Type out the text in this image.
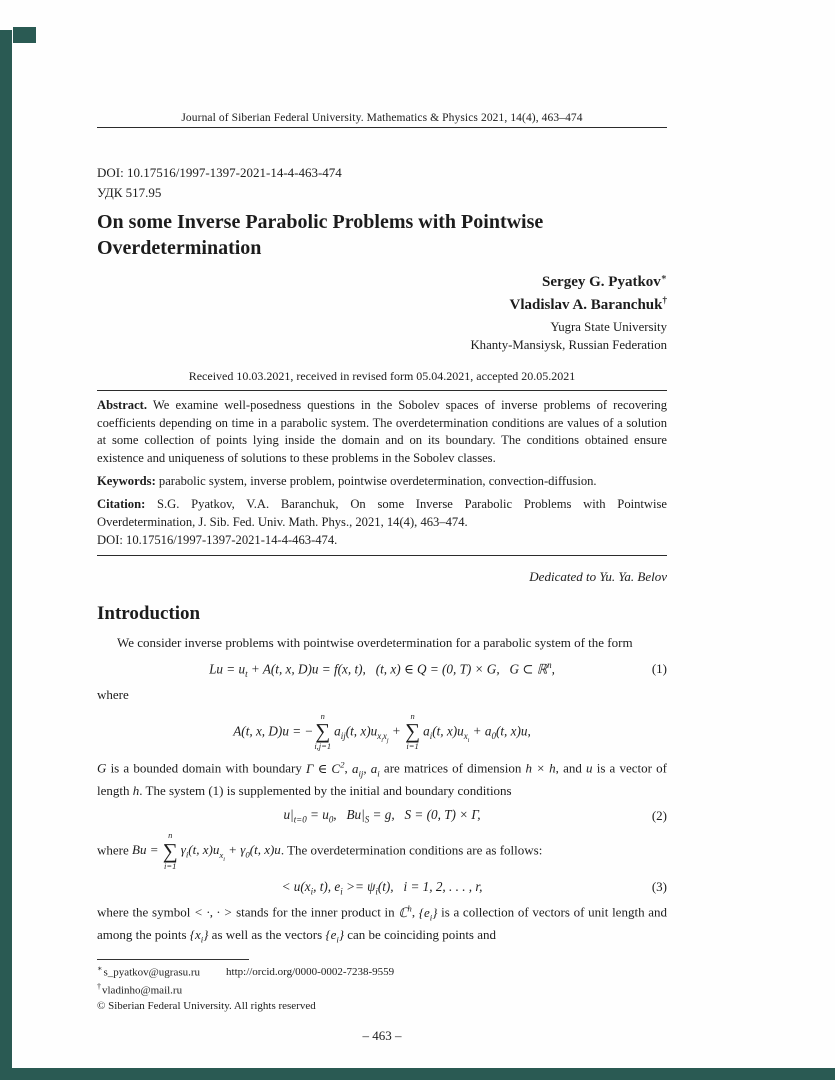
Journal of Siberian Federal University. Mathematics & Physics 2021, 14(4), 463–474
DOI: 10.17516/1997-1397-2021-14-4-463-474
УДК 517.95
On some Inverse Parabolic Problems with Pointwise Overdetermination
Sergey G. Pyatkov∗
Vladislav A. Baranchuk†
Yugra State University
Khanty-Mansiysk, Russian Federation
Received 10.03.2021, received in revised form 05.04.2021, accepted 20.05.2021

Abstract. We examine well-posedness questions in the Sobolev spaces of inverse problems of recovering coefficients depending on time in a parabolic system. The overdetermination conditions are values of a solution at some collection of points lying inside the domain and on its boundary. The conditions obtained ensure existence and uniqueness of solutions to these problems in the Sobolev classes.

Keywords: parabolic system, inverse problem, pointwise overdetermination, convection-diffusion.

Citation: S.G. Pyatkov, V.A. Baranchuk, On some Inverse Parabolic Problems with Pointwise Overdetermination, J. Sib. Fed. Univ. Math. Phys., 2021, 14(4), 463–474.
DOI: 10.17516/1997-1397-2021-14-4-463-474.

Dedicated to Yu. Ya. Belov
Introduction

We consider inverse problems with pointwise overdetermination for a parabolic system of the form

$Lu = u_t + A(t$, x, D)u = f(x, t),  (t, x) ∈ Q = (0, T) × G,  G ⊂ ℝ$^n$,	(1)

where

A(t, x, D)u = −
n
∑
i,j=1
$a_{ij}(t$, $x)u_{x_ix_j}$ +
n
∑
i=1
$a_i(t$, $x)u_{x_i} + a_0(t$, x)u,

G is a bounded domain with boundary Γ ∈ $C^2$, $a_{ij}$, $a_i$ are matrices of dimension h × h, and u is a vector of length h. The system (1) is supplemented by the initial and boundary conditions

$u|_{t=0} = u_0$,  $Bu|_S = g$,  S = (0, T) × Γ,	(2)

where Bu =
n
∑
i=1
$\gamma_i(t$, $x)u_{x_i} + \gamma_0(t$, x)u. The overdetermination conditions are as follows:

< $u(x_i$, t), $e_i >= \psi_i(t)$,  i = 1, 2, . . . , r,	(3)

where the symbol < ·, · > stands for the inner product in ℂ$^h$, $\{e_i\}$ is a collection of vectors of unit length and among the points $\{x_i\}$ as well as the vectors $\{e_i\}$ can be coinciding points and

∗s_pyatkov@ugrasu.ru http://orcid.org/0000-0002-7238-9559
†vladinho@mail.ru
© Siberian Federal University. All rights reserved
– 463 –
